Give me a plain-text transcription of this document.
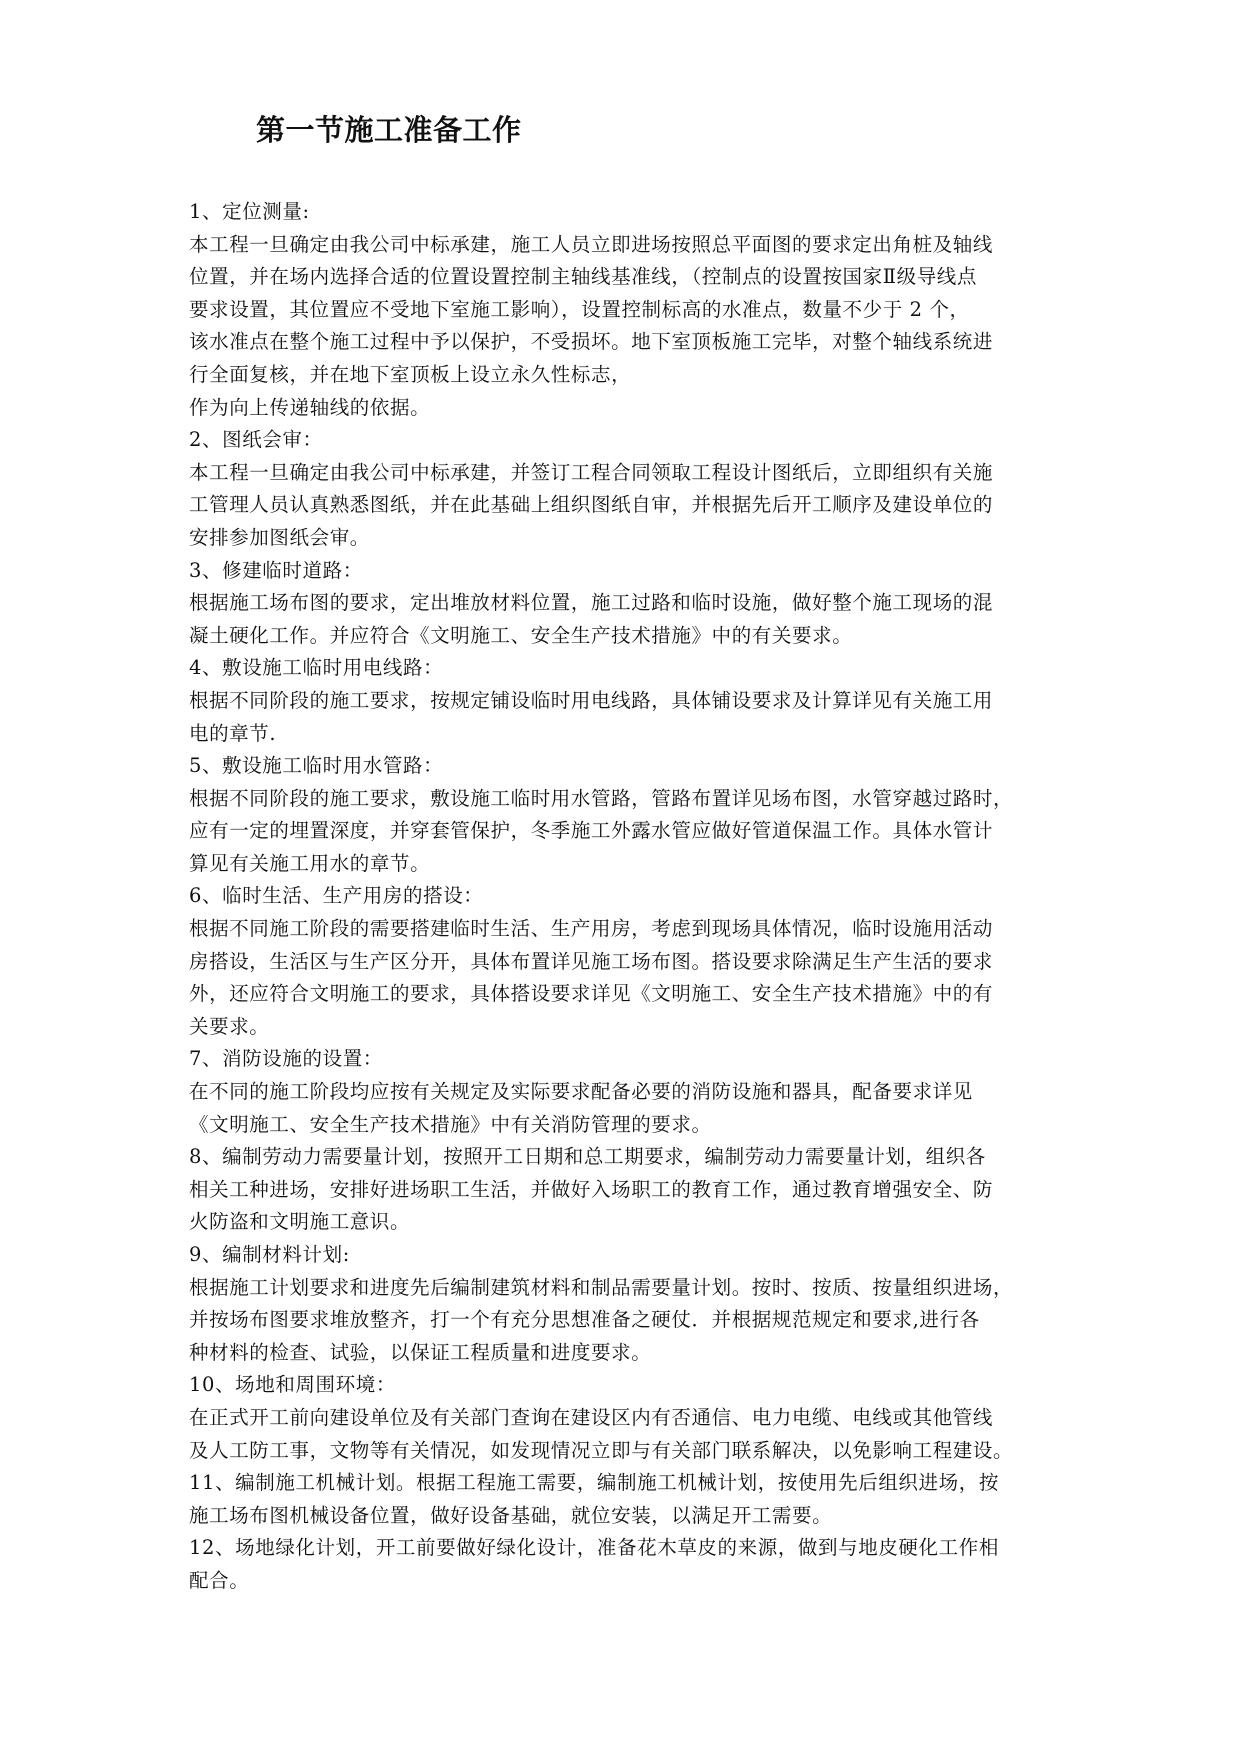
第一节施工准备工作
1、定位测量:
本工程一旦确定由我公司中标承建，施工人员立即进场按照总平面图的要求定出角桩及轴线
位置，并在场内选择合适的位置设置控制主轴线基准线，（控制点的设置按国家Ⅱ级导线点
要求设置，其位置应不受地下室施工影响），设置控制标高的水准点，数量不少于 2 个，
该水准点在整个施工过程中予以保护，不受损坏。地下室顶板施工完毕，对整个轴线系统进
行全面复核，并在地下室顶板上设立永久性标志，
作为向上传递轴线的依据。
2、图纸会审：
本工程一旦确定由我公司中标承建，并签订工程合同领取工程设计图纸后，立即组织有关施
工管理人员认真熟悉图纸，并在此基础上组织图纸自审，并根据先后开工顺序及建设单位的
安排参加图纸会审。
3、修建临时道路：
根据施工场布图的要求，定出堆放材料位置，施工过路和临时设施，做好整个施工现场的混
凝土硬化工作。并应符合《文明施工、安全生产技术措施》中的有关要求。
4、敷设施工临时用电线路：
根据不同阶段的施工要求，按规定铺设临时用电线路，具体铺设要求及计算详见有关施工用
电的章节.
5、敷设施工临时用水管路：
根据不同阶段的施工要求，敷设施工临时用水管路，管路布置详见场布图，水管穿越过路时，
应有一定的埋置深度，并穿套管保护，冬季施工外露水管应做好管道保温工作。具体水管计
算见有关施工用水的章节。
6、临时生活、生产用房的搭设：
根据不同施工阶段的需要搭建临时生活、生产用房，考虑到现场具体情况，临时设施用活动
房搭设，生活区与生产区分开，具体布置详见施工场布图。搭设要求除满足生产生活的要求
外，还应符合文明施工的要求，具体搭设要求详见《文明施工、安全生产技术措施》中的有
关要求。
7、消防设施的设置：
在不同的施工阶段均应按有关规定及实际要求配备必要的消防设施和器具，配备要求详见
《文明施工、安全生产技术措施》中有关消防管理的要求。
8、编制劳动力需要量计划，按照开工日期和总工期要求，编制劳动力需要量计划，组织各
相关工种进场，安排好进场职工生活，并做好入场职工的教育工作，通过教育增强安全、防
火防盗和文明施工意识。
9、编制材料计划:
根据施工计划要求和进度先后编制建筑材料和制品需要量计划。按时、按质、按量组织进场，
并按场布图要求堆放整齐，打一个有充分思想准备之硬仗．并根据规范规定和要求,进行各
种材料的检查、试验，以保证工程质量和进度要求。
10、场地和周围环境：
在正式开工前向建设单位及有关部门查询在建设区内有否通信、电力电缆、电线或其他管线
及人工防工事，文物等有关情况，如发现情况立即与有关部门联系解决，以免影响工程建设。
11、编制施工机械计划。根据工程施工需要，编制施工机械计划，按使用先后组织进场，按
施工场布图机械设备位置，做好设备基础，就位安装，以满足开工需要。
12、场地绿化计划，开工前要做好绿化设计，准备花木草皮的来源，做到与地皮硬化工作相
配合。
